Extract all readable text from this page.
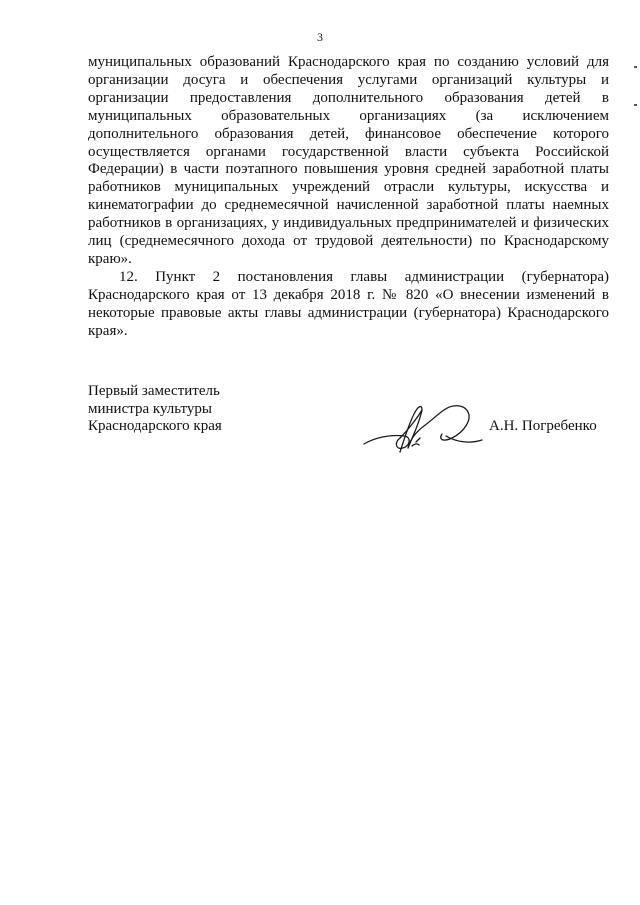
3

муниципальных образований Краснодарского края по созданию условий для организации досуга и обеспечения услугами организаций культуры и организации предоставления дополнительного образования детей в муниципальных образовательных организациях (за исключением дополнительного образования детей, финансовое обеспечение которого осуществляется органами государственной власти субъекта Российской Федерации) в части поэтапного повышения уровня средней заработной платы работников муниципальных учреждений отрасли культуры, искусства и кинематографии до среднемесячной начисленной заработной платы наемных работников в организациях, у индивидуальных предпринимателей и физических лиц (среднемесячного дохода от трудовой деятельности) по Краснодарскому краю».

12. Пункт 2 постановления главы администрации (губернатора) Краснодарского края от 13 декабря 2018 г. № 820 «О внесении изменений в некоторые правовые акты главы администрации (губернатора) Краснодарского края».

Первый заместитель
министра культуры
Краснодарского края	А.Н. Погребенко
